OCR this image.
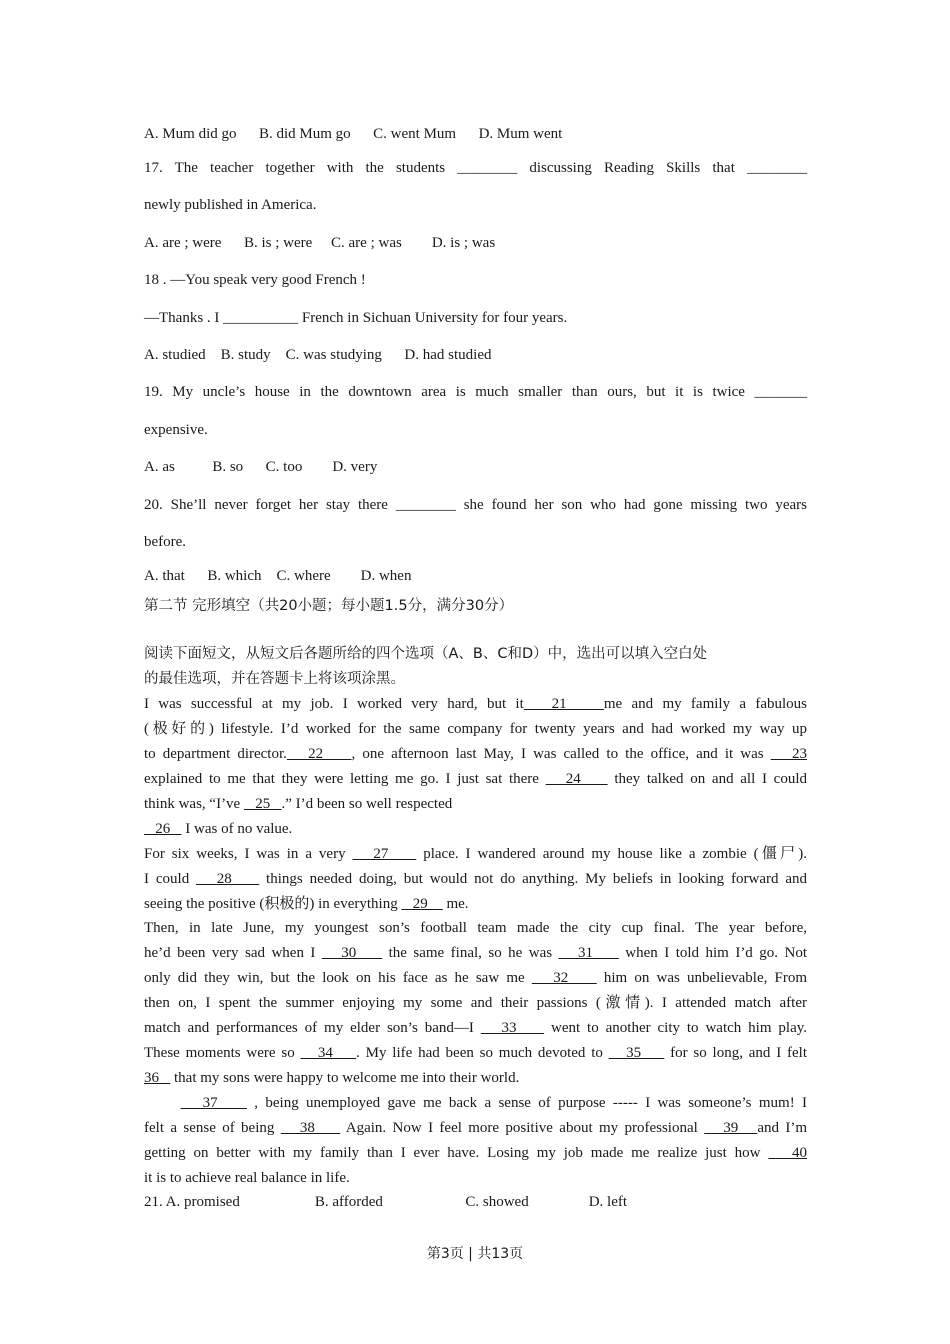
A. Mum did go      B. did Mum go      C. went Mum      D. Mum went
17. The teacher together with the students ________ discussing Reading Skills that ________
newly published in America.
A. are ; were      B. is ; were     C. are ; was        D. is ; was
18 . —You speak very good French !
—Thanks . I __________ French in Sichuan University for four years.
A. studied    B. study    C. was studying      D. had studied
19. My uncle’s house in the downtown area is much smaller than ours, but it is twice _______
expensive.
A. as          B. so      C. too        D. very
20. She’ll never forget her stay there ________ she found her son who had gone missing two years
before.
A. that      B. which    C. where        D. when
第二节 完形填空（共20小题；每小题1.5分，满分30分）
阅读下面短文，从短文后各题所给的四个选项（A、B、C和D）中，选出可以填入空白处
的最佳选项，并在答题卡上将该项涂黑。
I was successful at my job. I worked very hard, but it   21    me and my family a fabulous
(极好的) lifestyle. I’d worked for the same company for twenty years and had worked my way up
to department director.   22    , one afternoon last May, I was called to the office, and it was    23
explained to me that they were letting me go. I just sat there    24     they talked on and all I could
think was, “I’ve    25   .” I’d been so well respected
26    I was of no value.
For six weeks, I was in a very    27     place. I wandered around my house like a zombie (僵尸).
I could    28     things needed doing, but would not do anything. My beliefs in looking forward and
seeing the positive (积极的) in everything    29     me.
Then, in late June, my youngest son’s football team made the city cup final. The year before,
he’d been very sad when I    30     the same final, so he was    31     when I told him I’d go. Not
only did they win, but the look on his face as he saw me    32     him on was unbelievable, From
then on, I spent the summer enjoying my some and their passions (激情). I attended match after
match and performances of my elder son’s band—I    33     went to another city to watch him play.
These moments were so    34    . My life had been so much devoted to    35     for so long, and I felt
36    that my sons were happy to welcome me into their world.
37     , being unemployed gave me back a sense of purpose ----- I was someone’s mum! I
felt a sense of being    38     Again. Now I feel more positive about my professional    39   and I’m
getting on better with my family than I ever have. Losing my job made me realize just how    40
it is to achieve real balance in life.
21. A. promised                    B. afforded                      C. showed                D. left
第3页 | 共13页
